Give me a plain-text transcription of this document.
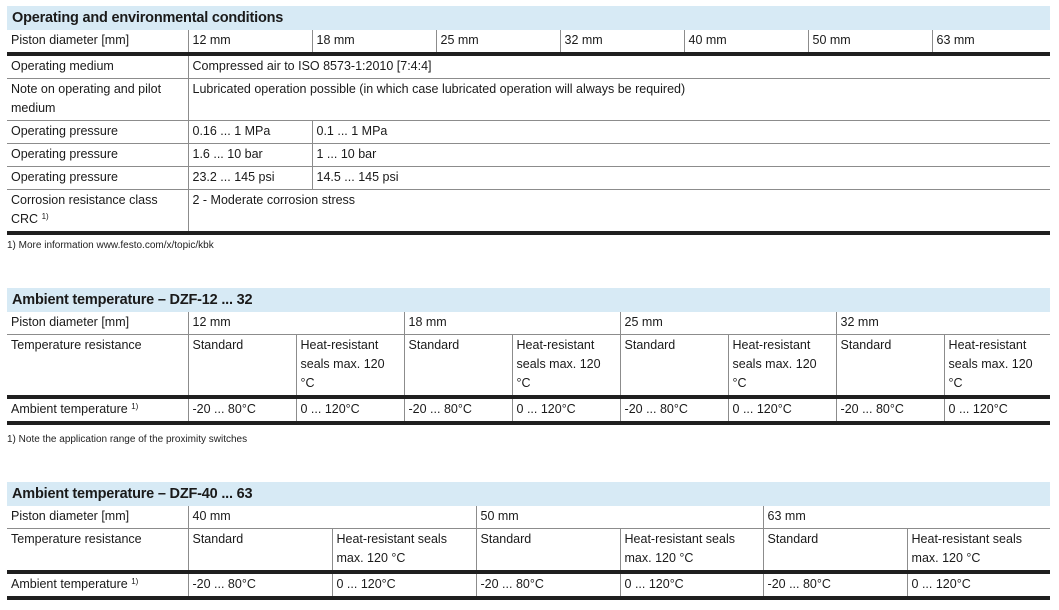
Operating and environmental conditions
Piston diameter [mm]	12 mm	18 mm	25 mm	32 mm	40 mm	50 mm	63 mm
Operating medium	Compressed air to ISO 8573-1:2010 [7:4:4]						
Note on operating and pilot medium	Lubricated operation possible (in which case lubricated operation will always be required)						
Operating pressure	0.16 ... 1 MPa	0.1 ... 1 MPa					
Operating pressure	1.6 ... 10 bar	1 ... 10 bar					
Operating pressure	23.2 ... 145 psi	14.5 ... 145 psi					
Corrosion resistance class CRC $^{1)}$	2 - Moderate corrosion stress						
1) More information www.festo.com/x/topic/kbk
Ambient temperature – DZF-12 ... 32
Piston diameter [mm]	12 mm		18 mm		25 mm		32 mm	
Temperature resistance	Standard	Heat-resistant seals max. 120 °C	Standard	Heat-resistant seals max. 120 °C	Standard	Heat-resistant seals max. 120 °C	Standard	Heat-resistant seals max. 120 °C
Ambient temperature $^{1)}$	-20 ... 80°C	0 ... 120°C	-20 ... 80°C	0 ... 120°C	-20 ... 80°C	0 ... 120°C	-20 ... 80°C	0 ... 120°C
1) Note the application range of the proximity switches
Ambient temperature – DZF-40 ... 63
Piston diameter [mm]	40 mm		50 mm		63 mm	
Temperature resistance	Standard	Heat-resistant seals max. 120 °C	Standard	Heat-resistant seals max. 120 °C	Standard	Heat-resistant seals max. 120 °C
Ambient temperature $^{1)}$	-20 ... 80°C	0 ... 120°C	-20 ... 80°C	0 ... 120°C	-20 ... 80°C	0 ... 120°C
